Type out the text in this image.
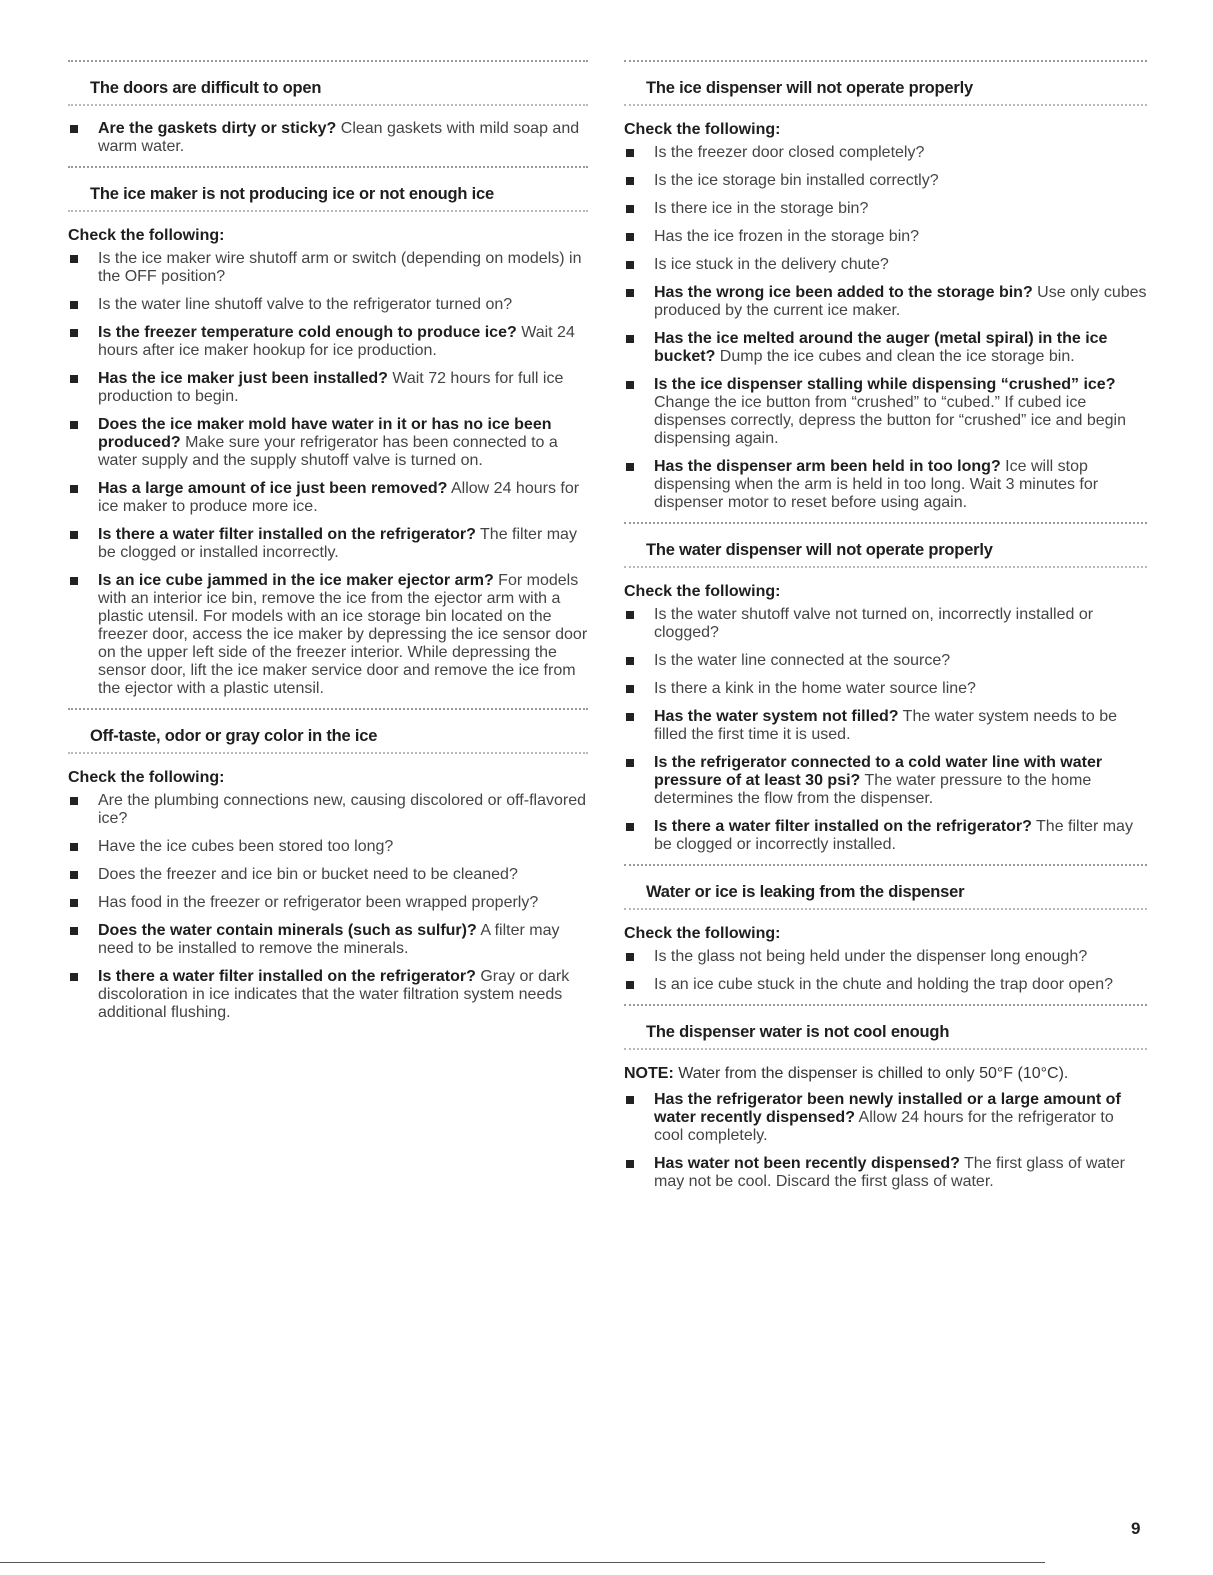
The doors are difficult to open
Are the gaskets dirty or sticky? Clean gaskets with mild soap and warm water.
The ice maker is not producing ice or not enough ice
Check the following:
Is the ice maker wire shutoff arm or switch (depending on models) in the OFF position?
Is the water line shutoff valve to the refrigerator turned on?
Is the freezer temperature cold enough to produce ice? Wait 24 hours after ice maker hookup for ice production.
Has the ice maker just been installed? Wait 72 hours for full ice production to begin.
Does the ice maker mold have water in it or has no ice been produced? Make sure your refrigerator has been connected to a water supply and the supply shutoff valve is turned on.
Has a large amount of ice just been removed? Allow 24 hours for ice maker to produce more ice.
Is there a water filter installed on the refrigerator? The filter may be clogged or installed incorrectly.
Is an ice cube jammed in the ice maker ejector arm? For models with an interior ice bin, remove the ice from the ejector arm with a plastic utensil. For models with an ice storage bin located on the freezer door, access the ice maker by depressing the ice sensor door on the upper left side of the freezer interior. While depressing the sensor door, lift the ice maker service door and remove the ice from the ejector with a plastic utensil.
Off-taste, odor or gray color in the ice
Check the following:
Are the plumbing connections new, causing discolored or off-flavored ice?
Have the ice cubes been stored too long?
Does the freezer and ice bin or bucket need to be cleaned?
Has food in the freezer or refrigerator been wrapped properly?
Does the water contain minerals (such as sulfur)? A filter may need to be installed to remove the minerals.
Is there a water filter installed on the refrigerator? Gray or dark discoloration in ice indicates that the water filtration system needs additional flushing.
The ice dispenser will not operate properly
Check the following:
Is the freezer door closed completely?
Is the ice storage bin installed correctly?
Is there ice in the storage bin?
Has the ice frozen in the storage bin?
Is ice stuck in the delivery chute?
Has the wrong ice been added to the storage bin? Use only cubes produced by the current ice maker.
Has the ice melted around the auger (metal spiral) in the ice bucket? Dump the ice cubes and clean the ice storage bin.
Is the ice dispenser stalling while dispensing “crushed” ice? Change the ice button from “crushed” to “cubed.” If cubed ice dispenses correctly, depress the button for “crushed” ice and begin dispensing again.
Has the dispenser arm been held in too long? Ice will stop dispensing when the arm is held in too long. Wait 3 minutes for dispenser motor to reset before using again.
The water dispenser will not operate properly
Check the following:
Is the water shutoff valve not turned on, incorrectly installed or clogged?
Is the water line connected at the source?
Is there a kink in the home water source line?
Has the water system not filled? The water system needs to be filled the first time it is used.
Is the refrigerator connected to a cold water line with water pressure of at least 30 psi? The water pressure to the home determines the flow from the dispenser.
Is there a water filter installed on the refrigerator? The filter may be clogged or incorrectly installed.
Water or ice is leaking from the dispenser
Check the following:
Is the glass not being held under the dispenser long enough?
Is an ice cube stuck in the chute and holding the trap door open?
The dispenser water is not cool enough
NOTE: Water from the dispenser is chilled to only 50°F (10°C).
Has the refrigerator been newly installed or a large amount of water recently dispensed? Allow 24 hours for the refrigerator to cool completely.
Has water not been recently dispensed? The first glass of water may not be cool. Discard the first glass of water.
9
